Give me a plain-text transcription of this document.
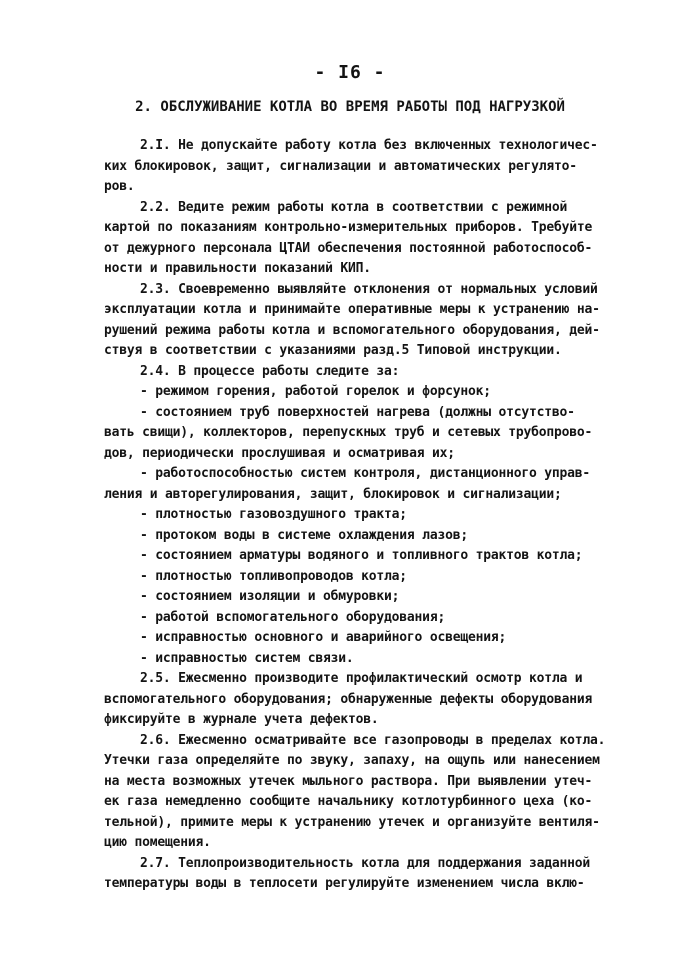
- I6 -
2. ОБСЛУЖИВАНИЕ КОТЛА ВО ВРЕМЯ РАБОТЫ ПОД НАГРУЗКОЙ
2.I. Не допускайте работу котла без включенных технологичес-
ких блокировок, защит, сигнализации и автоматических регулято-
ров.
2.2. Ведите режим работы котла в соответствии с режимной
картой по показаниям контрольно-измерительных приборов. Требуйте
от дежурного персонала ЦТАИ обеспечения постоянной работоспособ-
ности и правильности показаний КИП.
2.3. Своевременно выявляйте отклонения от нормальных условий
эксплуатации котла и принимайте оперативные меры к устранению на-
рушений режима работы котла и вспомогательного оборудования, дей-
ствуя в соответствии с указаниями разд.5 Типовой инструкции.
2.4. В процессе работы следите за:
- режимом горения, работой горелок и форсунок;
- состоянием труб поверхностей нагрева (должны отсутство-
вать свищи), коллекторов, перепускных труб и сетевых трубопрово-
дов, периодически прослушивая и осматривая их;
- работоспособностью систем контроля, дистанционного управ-
ления и авторегулирования, защит, блокировок и сигнализации;
- плотностью газовоздушного тракта;
- протоком воды в системе охлаждения лазов;
- состоянием арматуры водяного и топливного трактов котла;
- плотностью топливопроводов котла;
- состоянием изоляции и обмуровки;
- работой вспомогательного оборудования;
- исправностью основного и аварийного освещения;
- исправностью систем связи.
2.5. Ежесменно производите профилактический осмотр котла и
вспомогательного оборудования; обнаруженные дефекты оборудования
фиксируйте в журнале учета дефектов.
2.6. Ежесменно осматривайте все газопроводы в пределах котла.
Утечки газа определяйте по звуку, запаху, на ощупь или нанесением
на места возможных утечек мыльного раствора. При выявлении утеч-
ек газа немедленно сообщите начальнику котлотурбинного цеха (ко-
тельной), примите меры к устранению утечек и организуйте вентиля-
цию помещения.
2.7. Теплопроизводительность котла для поддержания заданной
температуры воды в теплосети регулируйте изменением числа вклю-
